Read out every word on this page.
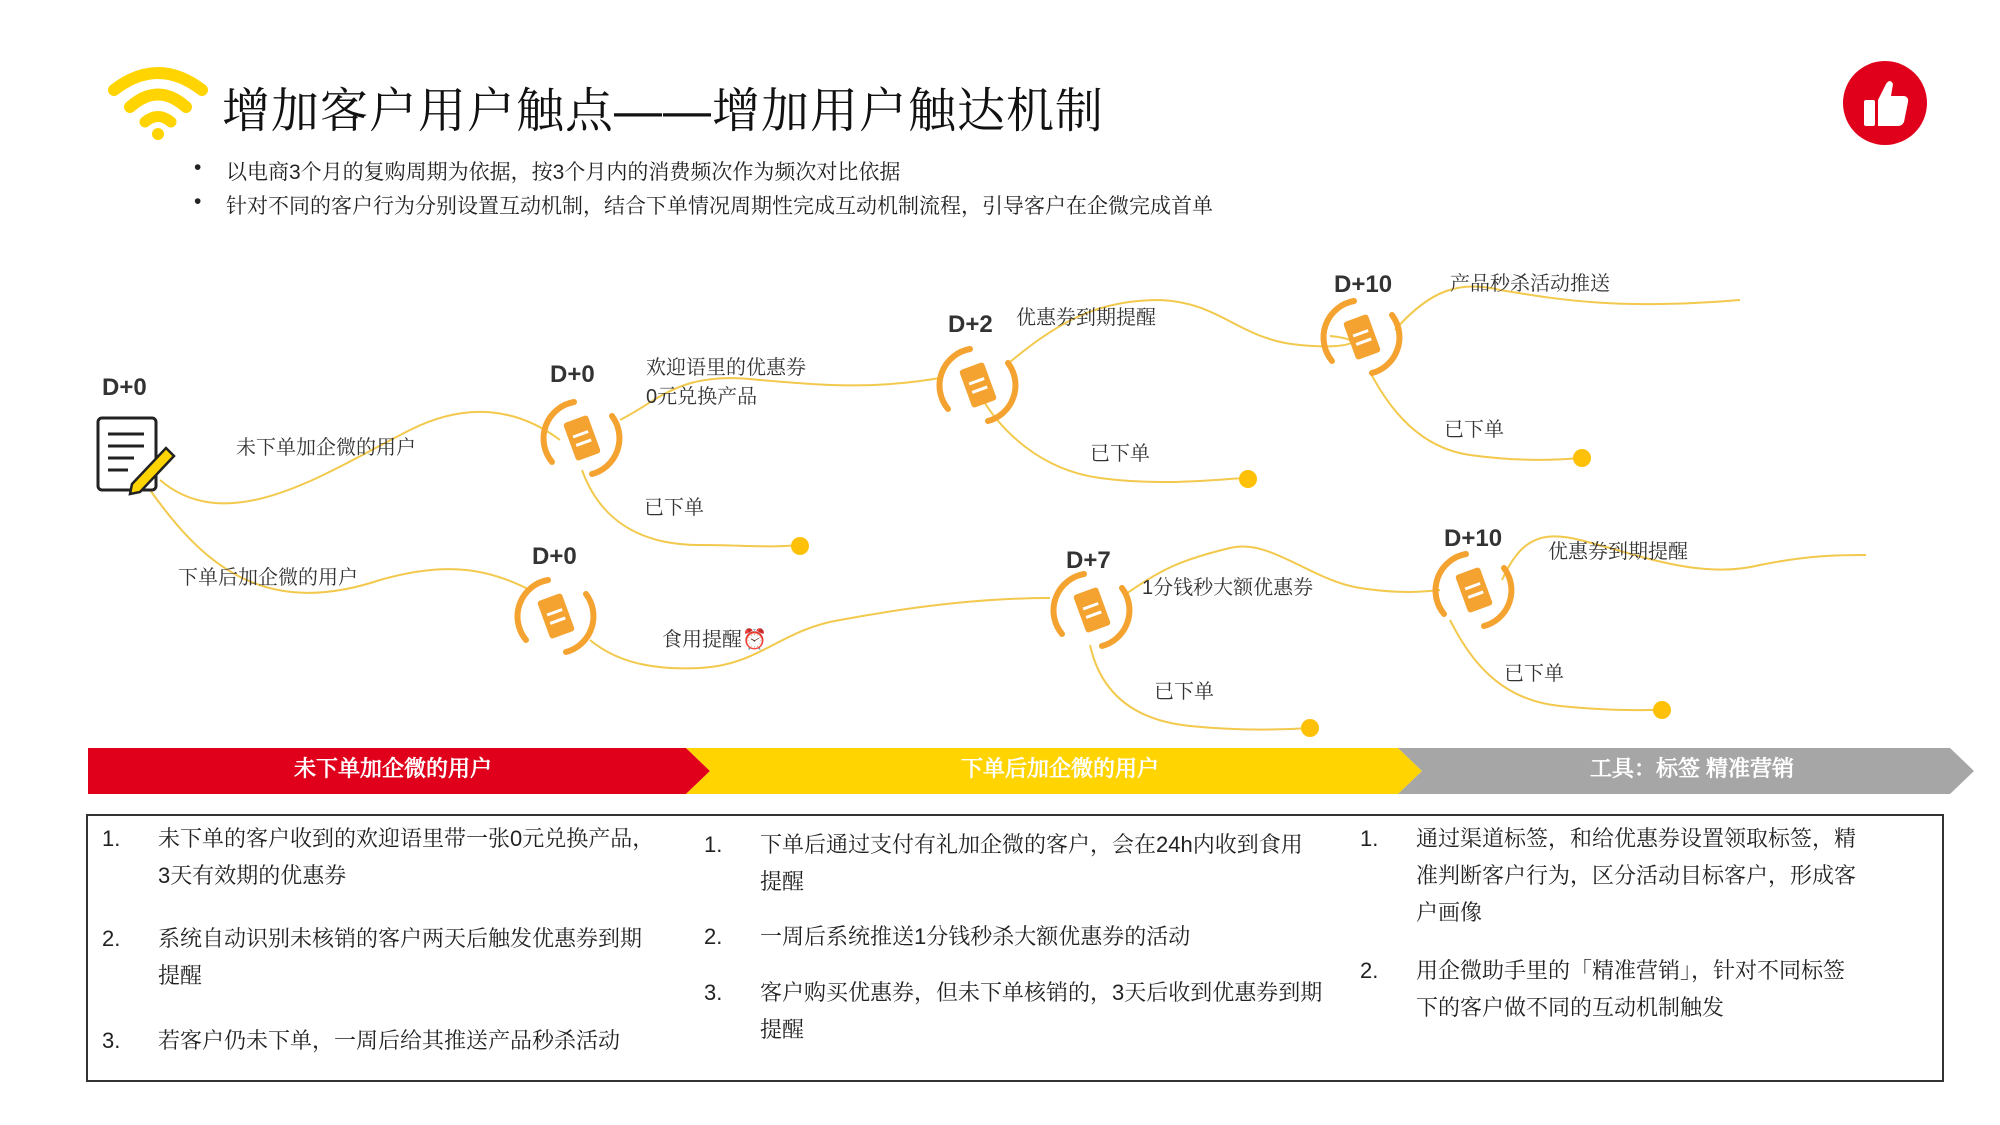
增加客户用户触点——增加用户触达机制
• 以电商3个月的复购周期为依据，按3个月内的消费频次作为频次对比依据
• 针对不同的客户行为分别设置互动机制，结合下单情况周期性完成互动机制流程，引导客户在企微完成首单
D+0	D+0
D+2
D+10
D+0	D+7
D+10
未下单加企微的用户
下单后加企微的用户
欢迎语里的优惠券
0元兑换产品
优惠券到期提醒
产品秒杀活动推送
食用提醒⏰
1分钱秒大额优惠券
优惠券到期提醒
已下单
已下单
已下单
已下单
已下单
未下单加企微的用户	下单后加企微的用户	工具：标签 精准营销
1. 未下单的客户收到的欢迎语里带一张0元兑换产品，
3天有效期的优惠券
2. 系统自动识别未核销的客户两天后触发优惠券到期
提醒
3. 若客户仍未下单，一周后给其推送产品秒杀活动
1. 下单后通过支付有礼加企微的客户，会在24h内收到食用
提醒
2. 一周后系统推送1分钱秒杀大额优惠券的活动
3. 客户购买优惠券，但未下单核销的，3天后收到优惠券到期
提醒
1. 通过渠道标签，和给优惠券设置领取标签，精
准判断客户行为，区分活动目标客户，形成客
户画像
2. 用企微助手里的「精准营销」，针对不同标签
下的客户做不同的互动机制触发
